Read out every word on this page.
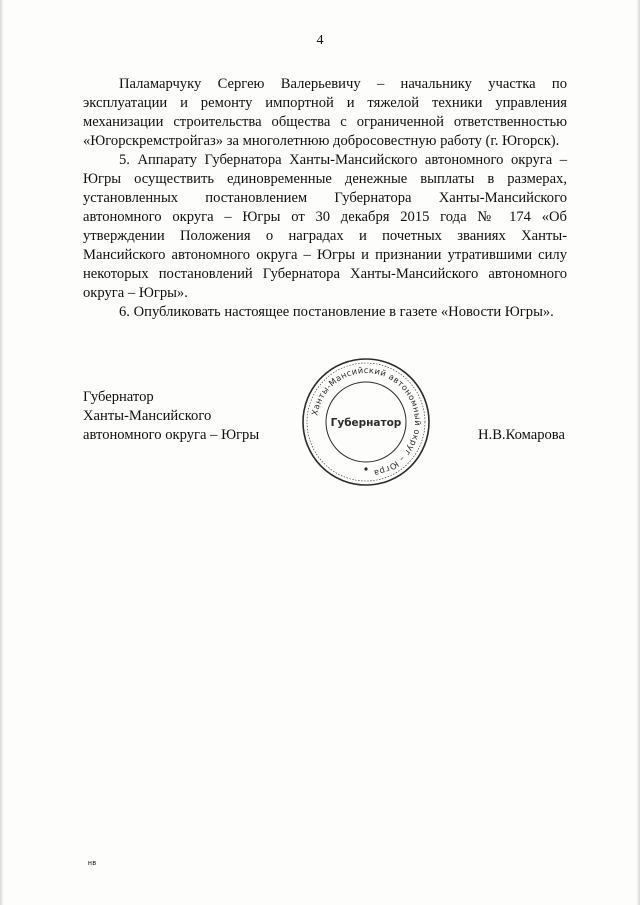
4

Паламарчуку Сергею Валерьевичу – начальнику участка по эксплуатации и ремонту импортной и тяжелой техники управления механизации строительства общества с ограниченной ответственностью «Югорскремстройгаз» за многолетнюю добросовестную работу (г. Югорск).

5. Аппарату Губернатора Ханты-Мансийского автономного округа – Югры осуществить единовременные денежные выплаты в размерах, установленных постановлением Губернатора Ханты-Мансийского автономного округа – Югры от 30 декабря 2015 года № 174 «Об утверждении Положения о наградах и почетных званиях Ханты-Мансийского автономного округа – Югры и признании утратившими силу некоторых постановлений Губернатора Ханты-Мансийского автономного округа – Югры».

6. Опубликовать настоящее постановление в газете «Новости Югры».

Губернатор
Ханты-Мансийского
автономного округа – Югры
Ханты-Мансийский автономный округ – Югра
Губернатор
Н.В.Комарова
нв
